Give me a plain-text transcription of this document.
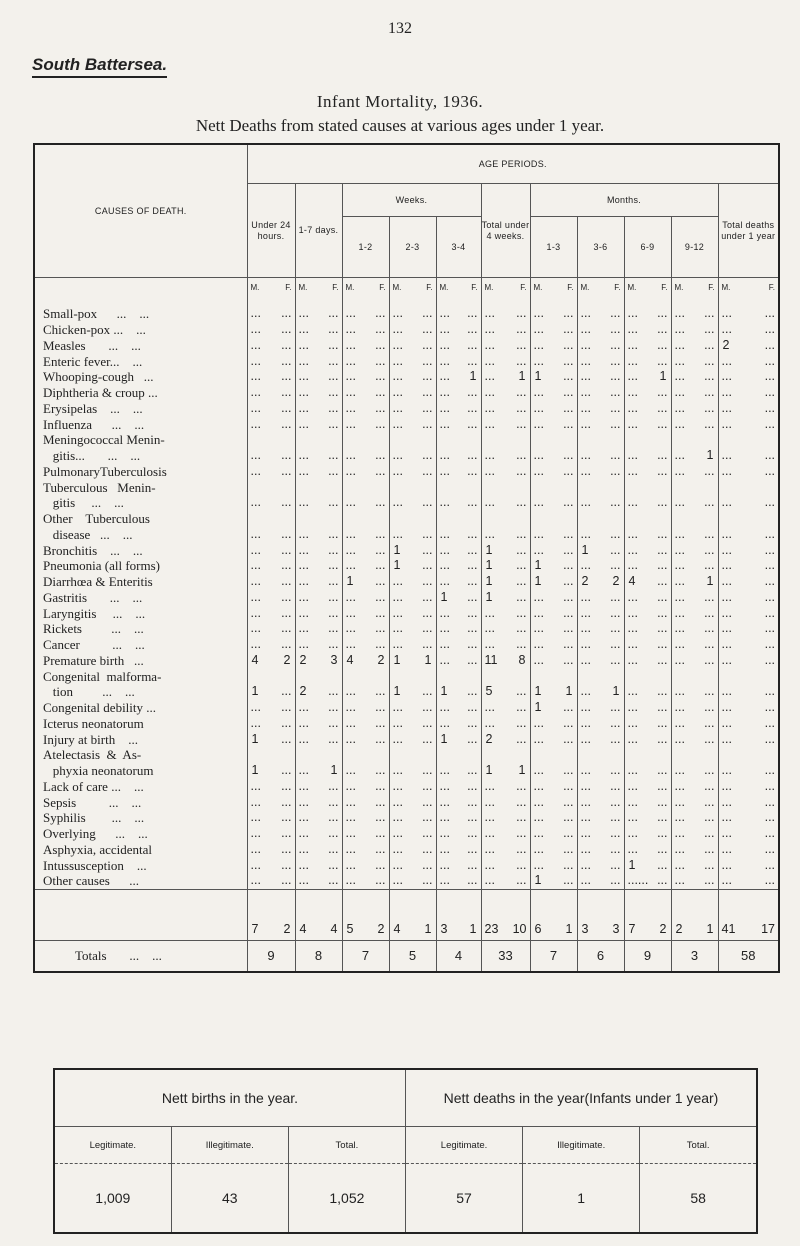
132
South Battersea.
Infant Mortality, 1936.
Nett Deaths from stated causes at various ages under 1 year.
CAUSES OF DEATH.	AGE PERIODS.										
	Under 24 hours.	1-7 days.	Weeks.			Total under 4 weeks.	Months.				Total deaths under 1 year
			1-2	2-3	3-4		1-3	3-6	6-9	9-12	

	M. F.	M. F.	M. F.	M. F.	M. F.	M. F.	M. F.	M. F.	M. F.	M. F.	M. F.

Small-pox      ...    ...	... ...	... ...	... ...	... ...	... ...	... ...	... ...	... ...	... ...	... ...	... ...

Chicken-pox ...    ...	... ...	... ...	... ...	... ...	... ...	... ...	... ...	... ...	... ...	... ...	... ...

Measles       ...    ...	... ...	... ...	... ...	... ...	... ...	... ...	... ...	... ...	... ...	... ...	2 ...

Enteric fever...    ...	... ...	... ...	... ...	... ...	... ...	... ...	... ...	... ...	... ...	... ...	... ...

Whooping-cough   ...	... ...	... ...	... ...	... ...	... 1	... 1	1 ...	... ...	... 1	... ...	... ...

Diphtheria & croup ...	... ...	... ...	... ...	... ...	... ...	... ...	... ...	... ...	... ...	... ...	... ...

Erysipelas    ...    ...	... ...	... ...	... ...	... ...	... ...	... ...	... ...	... ...	... ...	... ...	... ...

Influenza      ...    ...	... ...	... ...	... ...	... ...	... ...	... ...	... ...	... ...	... ...	... ...	... ...

Meningococcal Menin-	

gitis...       ...    ...	... ...	... ...	... ...	... ...	... ...	... ...	... ...	... ...	... ...	... 1	... ...

PulmonaryTuberculosis	... ...	... ...	... ...	... ...	... ...	... ...	... ...	... ...	... ...	... ...	... ...

Tuberculous   Menin-	

gitis     ...    ...	... ...	... ...	... ...	... ...	... ...	... ...	... ...	... ...	... ...	... ...	... ...

Other    Tuberculous	

disease   ...    ...	... ...	... ...	... ...	... ...	... ...	... ...	... ...	... ...	... ...	... ...	... ...

Bronchitis    ...    ...	... ...	... ...	... ...	1 ...	... ...	1 ...	... ...	1 ...	... ...	... ...	... ...

Pneumonia (all forms)	... ...	... ...	... ...	1 ...	... ...	1 ...	1 ...	... ...	... ...	... ...	... ...

Diarrhœa & Enteritis	... ...	... ...	1 ...	... ...	... ...	1 ...	1 ...	2 2	4 ...	... 1	... ...

Gastritis       ...    ...	... ...	... ...	... ...	... ...	1 ...	1 ...	... ...	... ...	... ...	... ...	... ...

Laryngitis     ...    ...	... ...	... ...	... ...	... ...	... ...	... ...	... ...	... ...	... ...	... ...	... ...

Rickets         ...    ...	... ...	... ...	... ...	... ...	... ...	... ...	... ...	... ...	... ...	... ...	... ...

Cancer          ...    ...	... ...	... ...	... ...	... ...	... ...	... ...	... ...	... ...	... ...	... ...	... ...

Premature birth   ...	4 2	2 3	4 2	1 1	... ...	11 8	... ...	... ...	... ...	... ...	... ...

Congenital  malforma-	

tion         ...    ...	1 ...	2 ...	... ...	1 ...	1 ...	5 ...	1 1	... 1	... ...	... ...	... ...

Congenital debility ...	... ...	... ...	... ...	... ...	... ...	... ...	1 ...	... ...	... ...	... ...	... ...

Icterus neonatorum	... ...	... ...	... ...	... ...	... ...	... ...	... ...	... ...	... ...	... ...	... ...

Injury at birth    ...	1 ...	... ...	... ...	... ...	1 ...	2 ...	... ...	... ...	... ...	... ...	... ...

Atelectasis  &  As-	

phyxia neonatorum	1 ...	... 1	... ...	... ...	... ...	1 1	... ...	... ...	... ...	... ...	... ...

Lack of care ...    ...	... ...	... ...	... ...	... ...	... ...	... ...	... ...	... ...	... ...	... ...	... ...

Sepsis          ...    ...	... ...	... ...	... ...	... ...	... ...	... ...	... ...	... ...	... ...	... ...	... ...

Syphilis        ...    ...	... ...	... ...	... ...	... ...	... ...	... ...	... ...	... ...	... ...	... ...	... ...

Overlying      ...    ...	... ...	... ...	... ...	... ...	... ...	... ...	... ...	... ...	... ...	... ...	... ...

Asphyxia, accidental	... ...	... ...	... ...	... ...	... ...	... ...	... ...	... ...	... ...	... ...	... ...

Intussusception    ...	... ...	... ...	... ...	... ...	... ...	... ...	... ...	... ...	1 ...	... ...	... ...

Other causes      ...	... ...	... ...	... ...	... ...	... ...	... ...	1 ...	... ...	...... ...	... ...	... ...

	7 2	4 4	5 2	4 1	3 1	23 10	6 1	3 3	7 2	2 1	41 17

Totals       ...    ...	9	8	7	5	4	33	7	6	9	3	58
Nett births in the year.			Nett deaths in the year(Infants under 1 year)		
Legitimate.	Illegitimate.	Total.	Legitimate.	Illegitimate.	Total.
1,009	43	1,052	57	1	58
